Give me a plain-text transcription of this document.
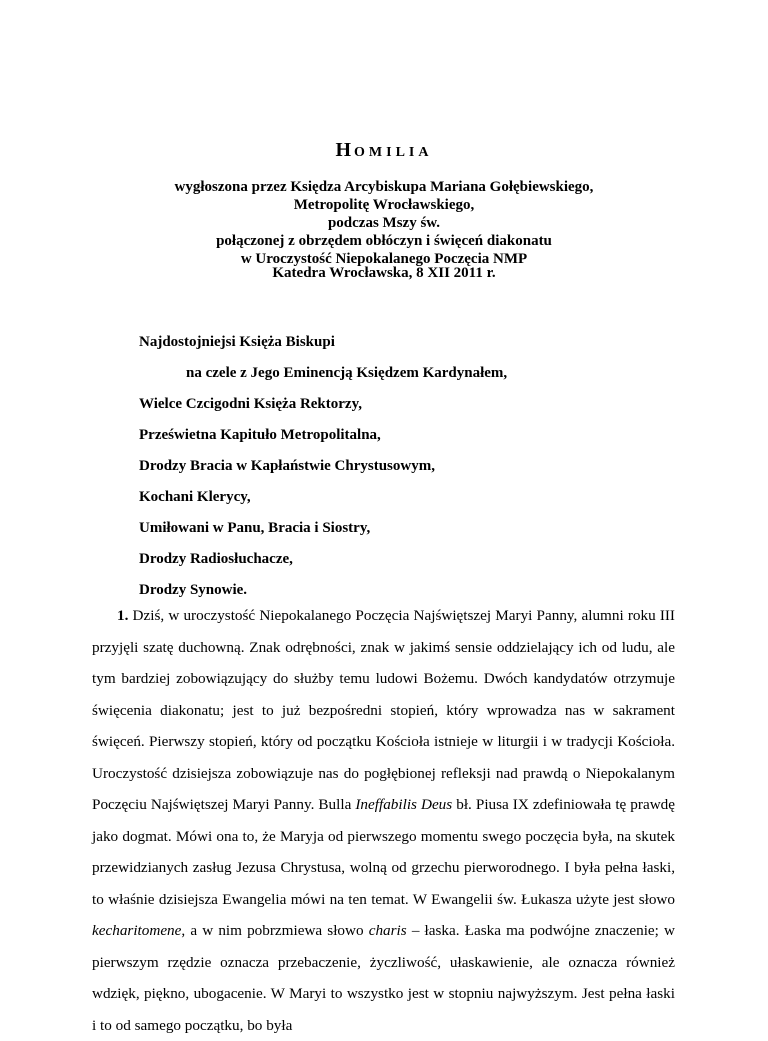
HOMILIA
wygłoszona przez Księdza Arcybiskupa Mariana Gołębiewskiego,
Metropolitę Wrocławskiego,
podczas Mszy św.
połączonej z obrzędem obłóczyn i święceń diakonatu
w Uroczystość Niepokalanego Poczęcia NMP
Katedra Wrocławska, 8 XII 2011 r.
Najdostojniejsi Księża Biskupi
na czele z Jego Eminencją Księdzem Kardynałem,
Wielce Czcigodni Księża Rektorzy,
Prześwietna Kapituło Metropolitalna,
Drodzy Bracia w Kapłaństwie Chrystusowym,
Kochani Klerycy,
Umiłowani w Panu, Bracia i Siostry,
Drodzy Radiosłuchacze,
Drodzy Synowie.

1. Dziś, w uroczystość Niepokalanego Poczęcia Najświętszej Maryi Panny, alumni roku III przyjęli szatę duchowną. Znak odrębności, znak w jakimś sensie oddzielający ich od ludu, ale tym bardziej zobowiązujący do służby temu ludowi Bożemu. Dwóch kandydatów otrzymuje święcenia diakonatu; jest to już bezpośredni stopień, który wprowadza nas w sakrament święceń. Pierwszy stopień, który od początku Kościoła istnieje w liturgii i w tradycji Kościoła. Uroczystość dzisiejsza zobowiązuje nas do pogłębionej refleksji nad prawdą o Niepokalanym Poczęciu Najświętszej Maryi Panny. Bulla Ineffabilis Deus bł. Piusa IX zdefiniowała tę prawdę jako dogmat. Mówi ona to, że Maryja od pierwszego momentu swego poczęcia była, na skutek przewidzianych zasług Jezusa Chrystusa, wolną od grzechu pierworodnego. I była pełna łaski, to właśnie dzisiejsza Ewangelia mówi na ten temat. W Ewangelii św. Łukasza użyte jest słowo kecharitomene, a w nim pobrzmiewa słowo charis – łaska. Łaska ma podwójne znaczenie; w pierwszym rzędzie oznacza przebaczenie, życzliwość, ułaskawienie, ale oznacza również wdzięk, piękno, ubogacenie. W Maryi to wszystko jest w stopniu najwyższym. Jest pełna łaski i to od samego początku, bo była
